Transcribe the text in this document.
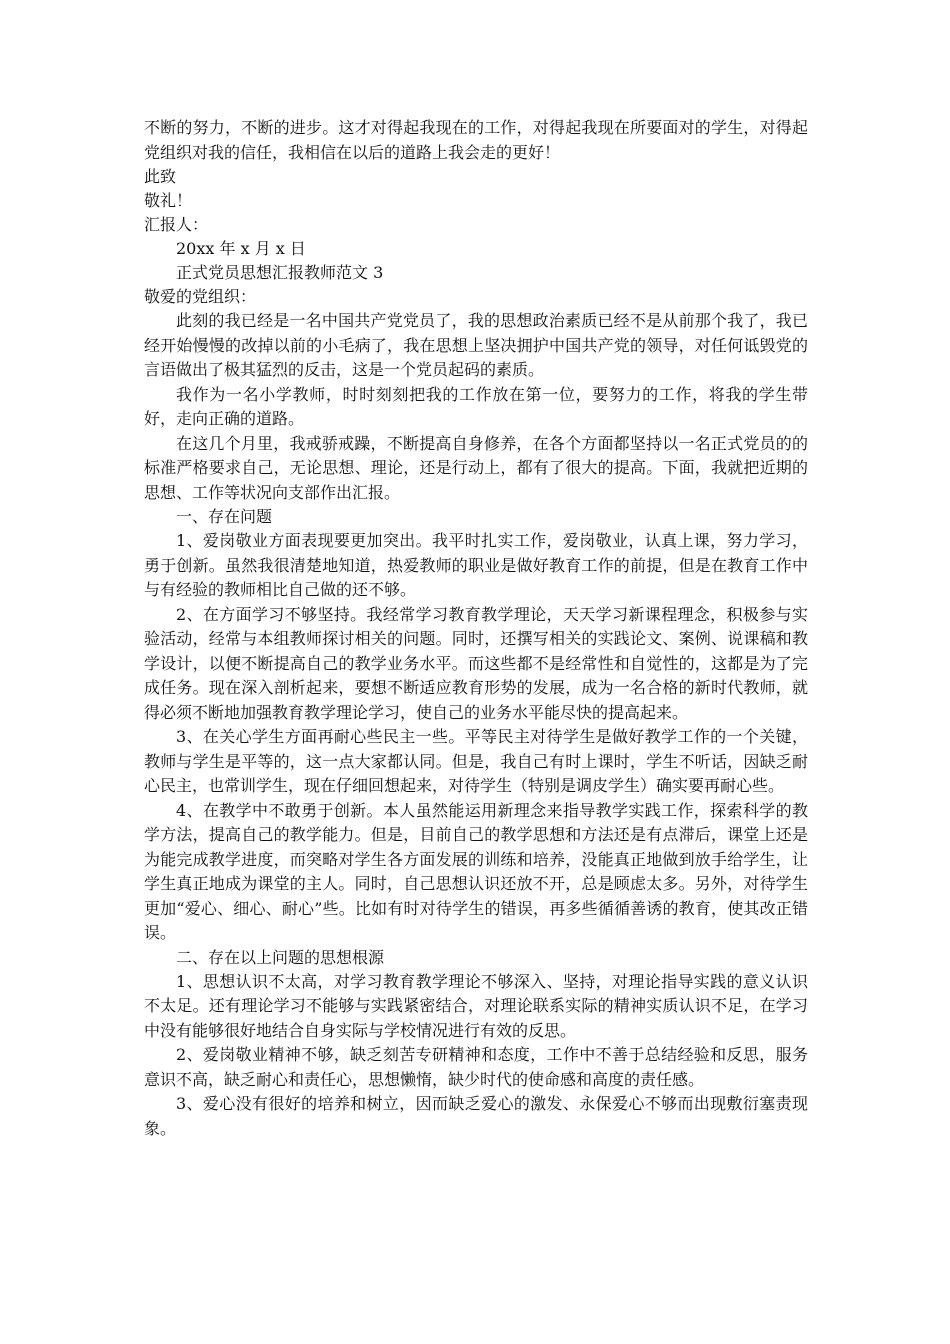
不断的努力，不断的进步。这才对得起我现在的工作，对得起我现在所要面对的学生，对得起党组织对我的信任，我相信在以后的道路上我会走的更好！

此致

敬礼！

汇报人：

20xx 年 x 月 x 日

正式党员思想汇报教师范文 3

敬爱的党组织：

此刻的我已经是一名中国共产党党员了，我的思想政治素质已经不是从前那个我了，我已经开始慢慢的改掉以前的小毛病了，我在思想上坚决拥护中国共产党的领导，对任何诋毁党的言语做出了极其猛烈的反击，这是一个党员起码的素质。

我作为一名小学教师，时时刻刻把我的工作放在第一位，要努力的工作，将我的学生带好，走向正确的道路。

在这几个月里，我戒骄戒躁，不断提高自身修养，在各个方面都坚持以一名正式党员的的标准严格要求自己，无论思想、理论，还是行动上，都有了很大的提高。下面，我就把近期的思想、工作等状况向支部作出汇报。

一、存在问题

1、爱岗敬业方面表现要更加突出。我平时扎实工作，爱岗敬业，认真上课，努力学习，勇于创新。虽然我很清楚地知道，热爱教师的职业是做好教育工作的前提，但是在教育工作中与有经验的教师相比自己做的还不够。

2、在方面学习不够坚持。我经常学习教育教学理论，天天学习新课程理念，积极参与实验活动，经常与本组教师探讨相关的问题。同时，还撰写相关的实践论文、案例、说课稿和教学设计，以便不断提高自己的教学业务水平。而这些都不是经常性和自觉性的，这都是为了完成任务。现在深入剖析起来，要想不断适应教育形势的发展，成为一名合格的新时代教师，就得必须不断地加强教育教学理论学习，使自己的业务水平能尽快的提高起来。

3、在关心学生方面再耐心些民主一些。平等民主对待学生是做好教学工作的一个关键，教师与学生是平等的，这一点大家都认同。但是，我自己有时上课时，学生不听话，因缺乏耐心民主，也常训学生，现在仔细回想起来，对待学生（特别是调皮学生）确实要再耐心些。

4、在教学中不敢勇于创新。本人虽然能运用新理念来指导教学实践工作，探索科学的教学方法，提高自己的教学能力。但是，目前自己的教学思想和方法还是有点滞后，课堂上还是为能完成教学进度，而突略对学生各方面发展的训练和培养，没能真正地做到放手给学生，让学生真正地成为课堂的主人。同时，自己思想认识还放不开，总是顾虑太多。另外，对待学生更加“爱心、细心、耐心”些。比如有时对待学生的错误，再多些循循善诱的教育，使其改正错误。

二、存在以上问题的思想根源

1、思想认识不太高，对学习教育教学理论不够深入、坚持，对理论指导实践的意义认识不太足。还有理论学习不能够与实践紧密结合，对理论联系实际的精神实质认识不足，在学习中没有能够很好地结合自身实际与学校情况进行有效的反思。

2、爱岗敬业精神不够，缺乏刻苦专研精神和态度，工作中不善于总结经验和反思，服务意识不高，缺乏耐心和责任心，思想懒惰，缺少时代的使命感和高度的责任感。

3、爱心没有很好的培养和树立，因而缺乏爱心的激发、永保爱心不够而出现敷衍塞责现象。
